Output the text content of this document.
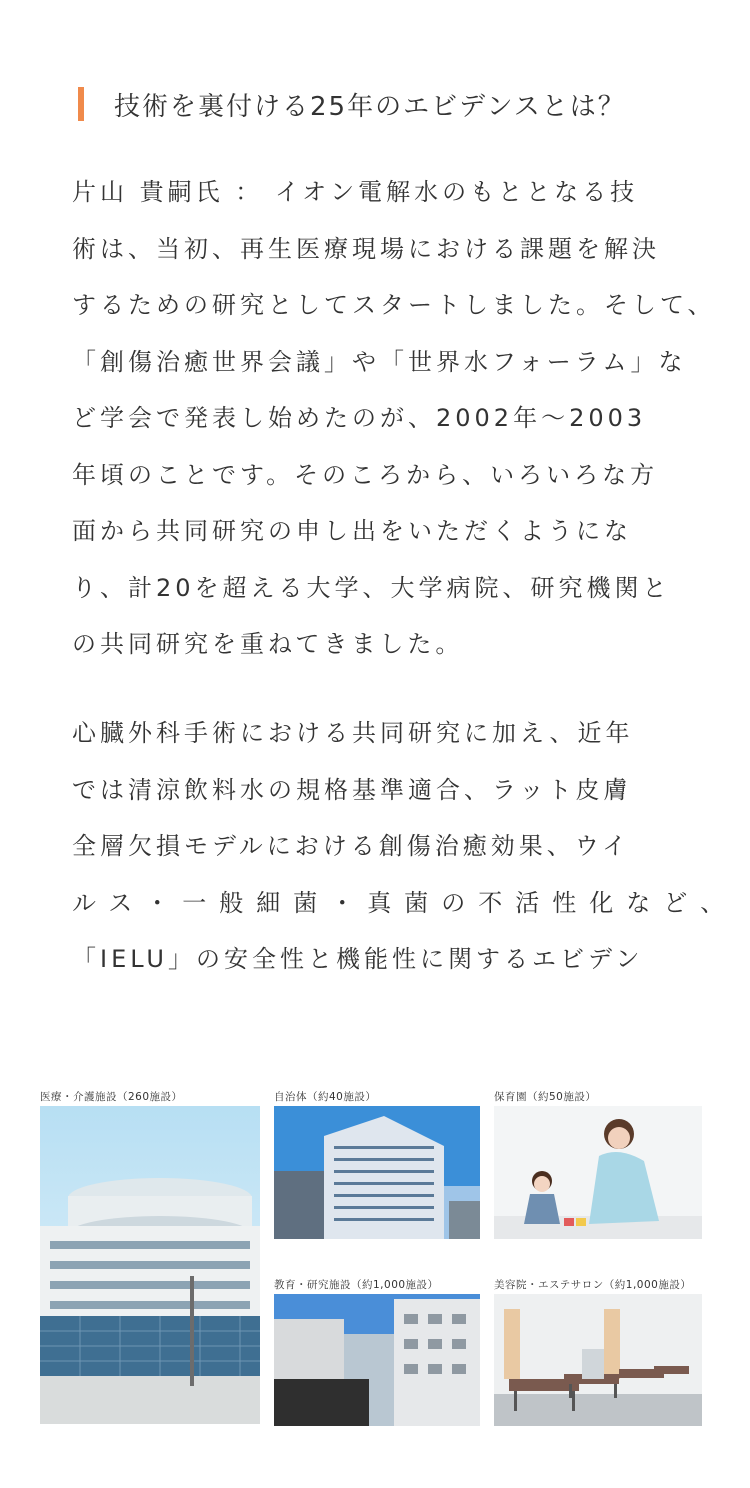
技術を裏付ける25年のエビデンスとは？
片山 貴嗣氏 ： イオン電解水のもととなる技
術は、当初、再生医療現場における課題を解決
するための研究としてスタートしました。そして、
「創傷治癒世界会議」や「世界水フォーラム」な
ど学会で発表し始めたのが、2002年〜2003
年頃のことです。そのころから、いろいろな方
面から共同研究の申し出をいただくようにな
り、計20を超える大学、大学病院、研究機関と
の共同研究を重ねてきました。
心臓外科手術における共同研究に加え、近年
では清涼飲料水の規格基準適合、ラット皮膚
全層欠損モデルにおける創傷治癒効果、ウイ
ルス・一般細菌・真菌の不活性化など、
「IELU」の安全性と機能性に関するエビデン
医療・介護施設（260施設）	自治体（約40施設）	保育園（約50施設）
教育・研究施設（約1,000施設）	美容院・エステサロン（約1,000施設）
